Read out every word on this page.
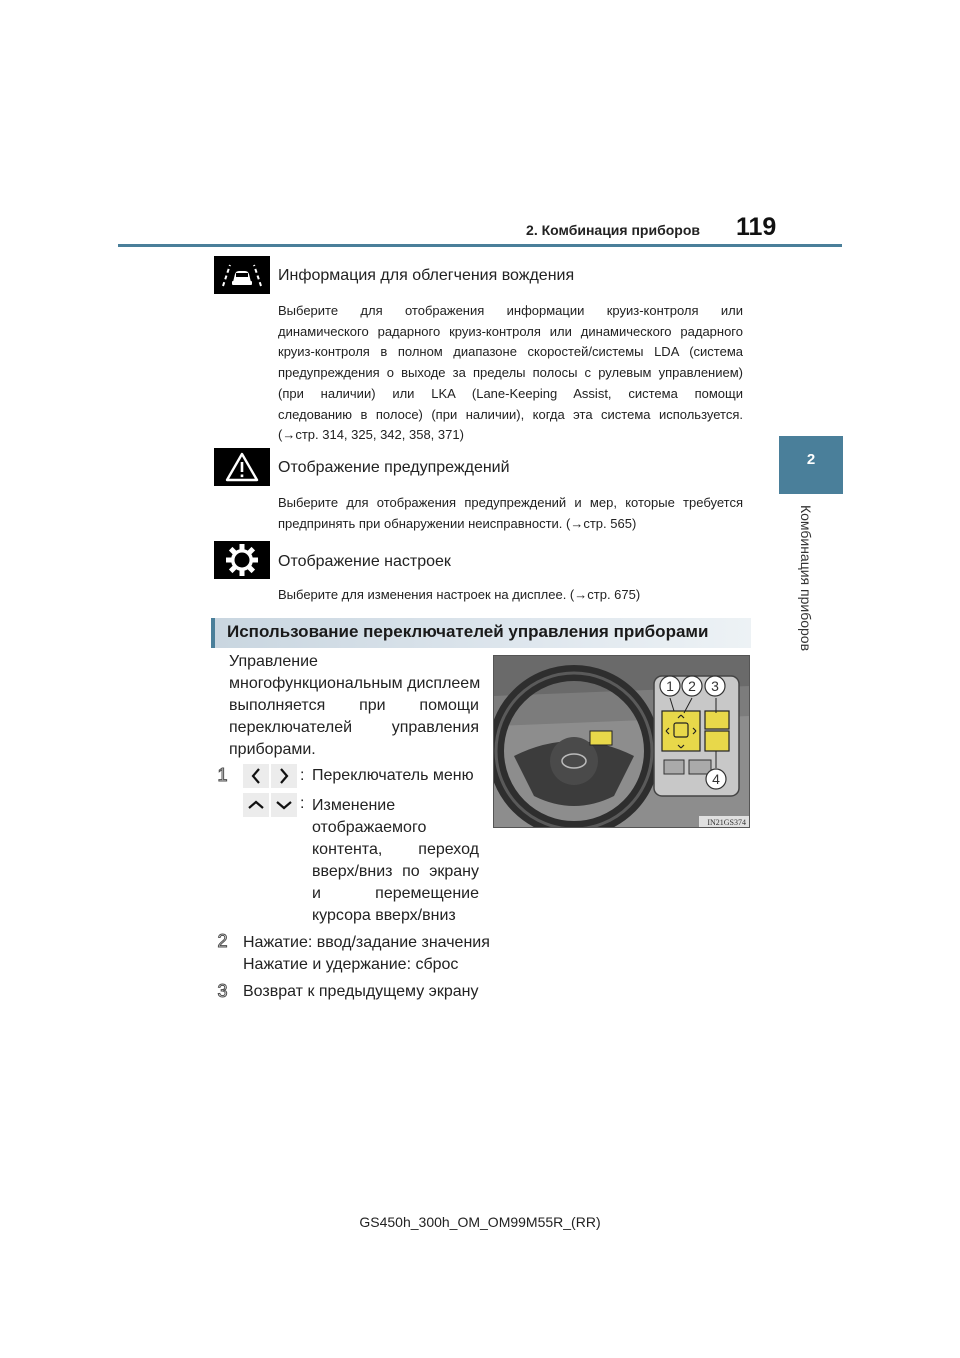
2. Комбинация приборов 119
2
Комбинация приборов
Информация для облегчения вождения
Выберите для отображения информации круиз-контроля или
динамического радарного круиз-контроля или динамического радарного
круиз-контроля в полном диапазоне скоростей/системы LDA (система
предупреждения о выходе за пределы полосы с рулевым управлением)
(при наличии) или LKA (Lane-Keeping Assist, система помощи
следованию в полосе) (при наличии), когда эта система используется.
(→стр. 314, 325, 342, 358, 371)
Отображение предупреждений
Выберите для отображения предупреждений и мер, которые требуется
предпринять при обнаружении неисправности. (→стр. 565)
Отображение настроек
Выберите для изменения настроек на дисплее. (→стр. 675)
Использование переключателей управления приборами
Управление
многофункциональным дисплеем
выполняется при помощи
переключателей управления
приборами.
1	: Переключатель меню
: Изменение
отображаемого
контента, переход
вверх/вниз по экрану
и перемещение
курсора вверх/вниз
2 Нажатие: ввод/задание значения
Нажатие и удержание: сброс
3 Возврат к предыдущему экрану
1 2 3
4
IN21GS374
GS450h_300h_OM_OM99M55R_(RR)
